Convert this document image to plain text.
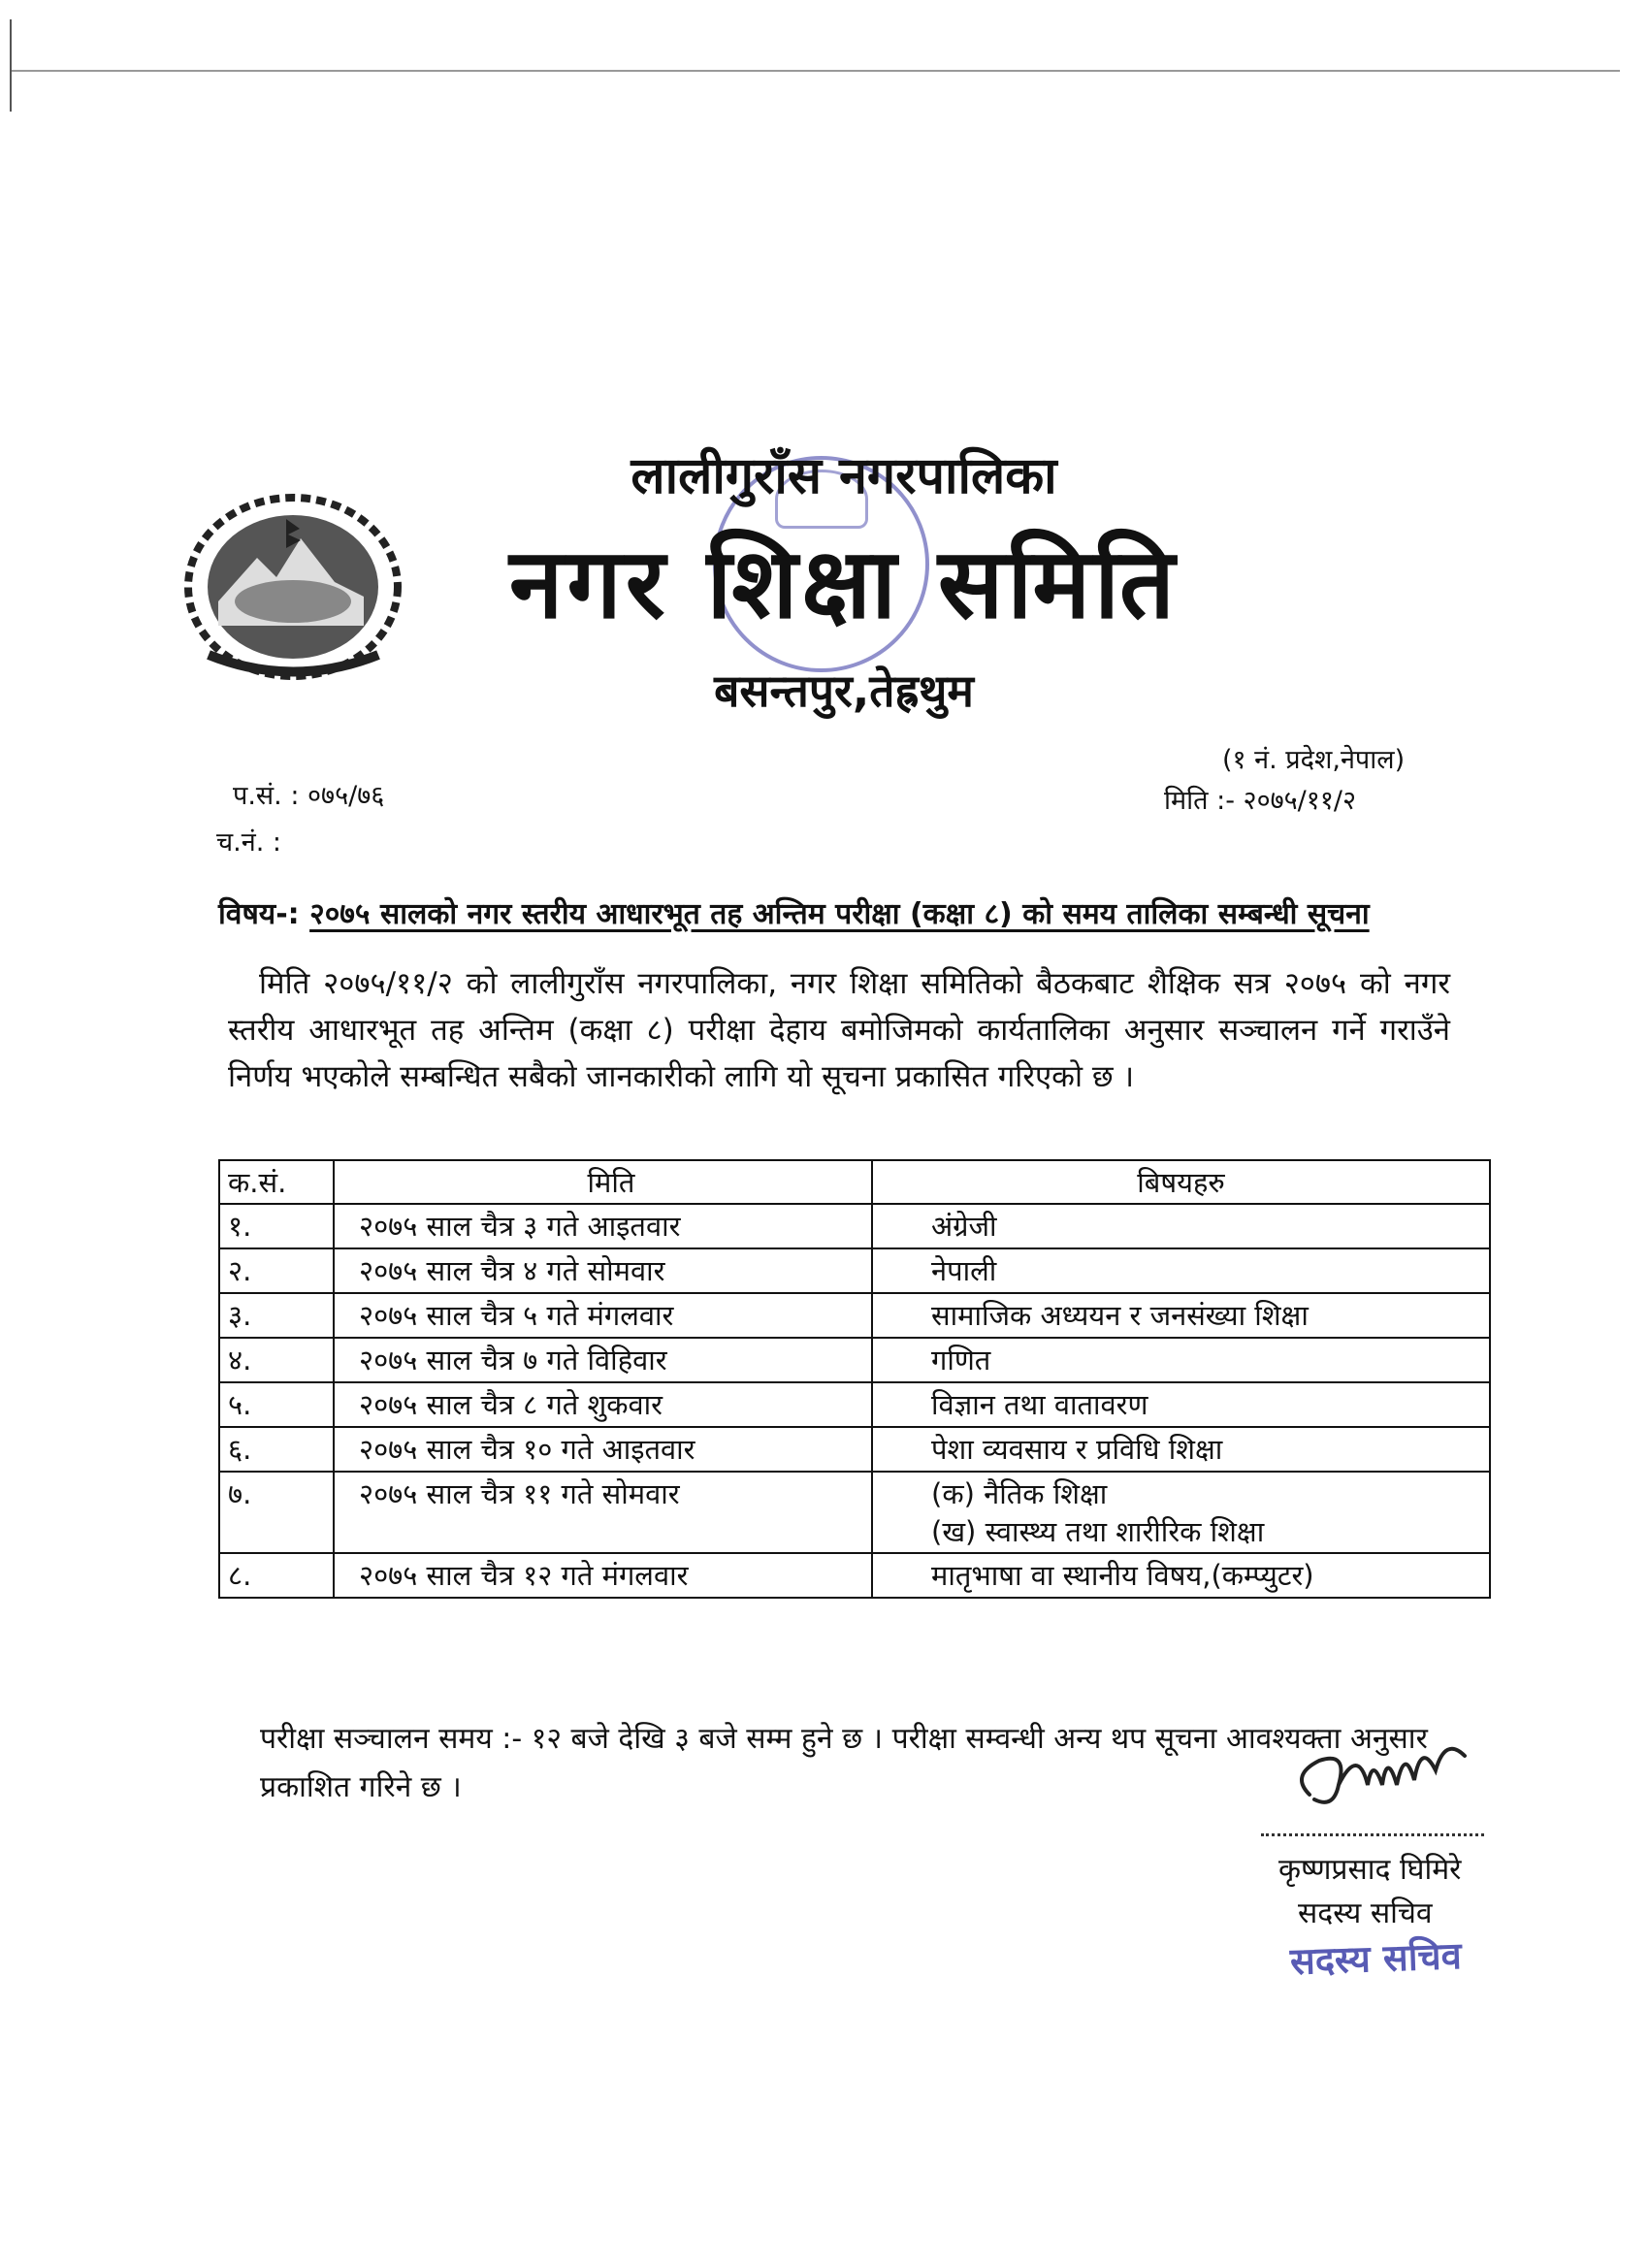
लालीगुराँस नगरपालिका
नगर शिक्षा समिति
बसन्तपुर,तेह्रथुम
(१ नं. प्रदेश,नेपाल)
प.सं. : ०७५/७६	मिति :- २०७५/११/२
च.नं. :
विषय-: २०७५ सालको नगर स्तरीय आधारभूत तह अन्तिम परीक्षा (कक्षा ८) को समय तालिका सम्बन्धी सूचना
मिति २०७५/११/२ को लालीगुराँस नगरपालिका, नगर शिक्षा समितिको बैठकबाट शैक्षिक सत्र २०७५ को नगर स्तरीय आधारभूत तह अन्तिम (कक्षा ८) परीक्षा देहाय बमोजिमको कार्यतालिका अनुसार सञ्चालन गर्ने गराउँने निर्णय भएकोले सम्बन्धित सबैको जानकारीको लागि यो सूचना प्रकासित गरिएको छ ।
क.सं.	मिति	बिषयहरु
१.	२०७५ साल चैत्र ३ गते आइतवार	अंग्रेजी
२.	२०७५ साल चैत्र ४ गते सोमवार	नेपाली
३.	२०७५ साल चैत्र ५ गते मंगलवार	सामाजिक अध्ययन र जनसंख्या शिक्षा
४.	२०७५ साल चैत्र ७ गते विहिवार	गणित
५.	२०७५ साल चैत्र ८ गते शुकवार	विज्ञान तथा वातावरण
६.	२०७५ साल चैत्र १० गते आइतवार	पेशा व्यवसाय र प्रविधि शिक्षा
७.	२०७५ साल चैत्र ११ गते सोमवार	(क) नैतिक शिक्षा
(ख) स्वास्थ्य तथा शारीरिक शिक्षा

८.	२०७५ साल चैत्र १२ गते मंगलवार	मातृभाषा वा स्थानीय विषय,(कम्प्युटर)
परीक्षा सञ्चालन समय :- १२ बजे देखि ३ बजे सम्म हुने छ । परीक्षा सम्वन्धी अन्य थप सूचना आवश्यक्ता अनुसार प्रकाशित गरिने छ ।
कृष्णप्रसाद घिमिरे
सदस्य सचिव
सदस्य सचिव
